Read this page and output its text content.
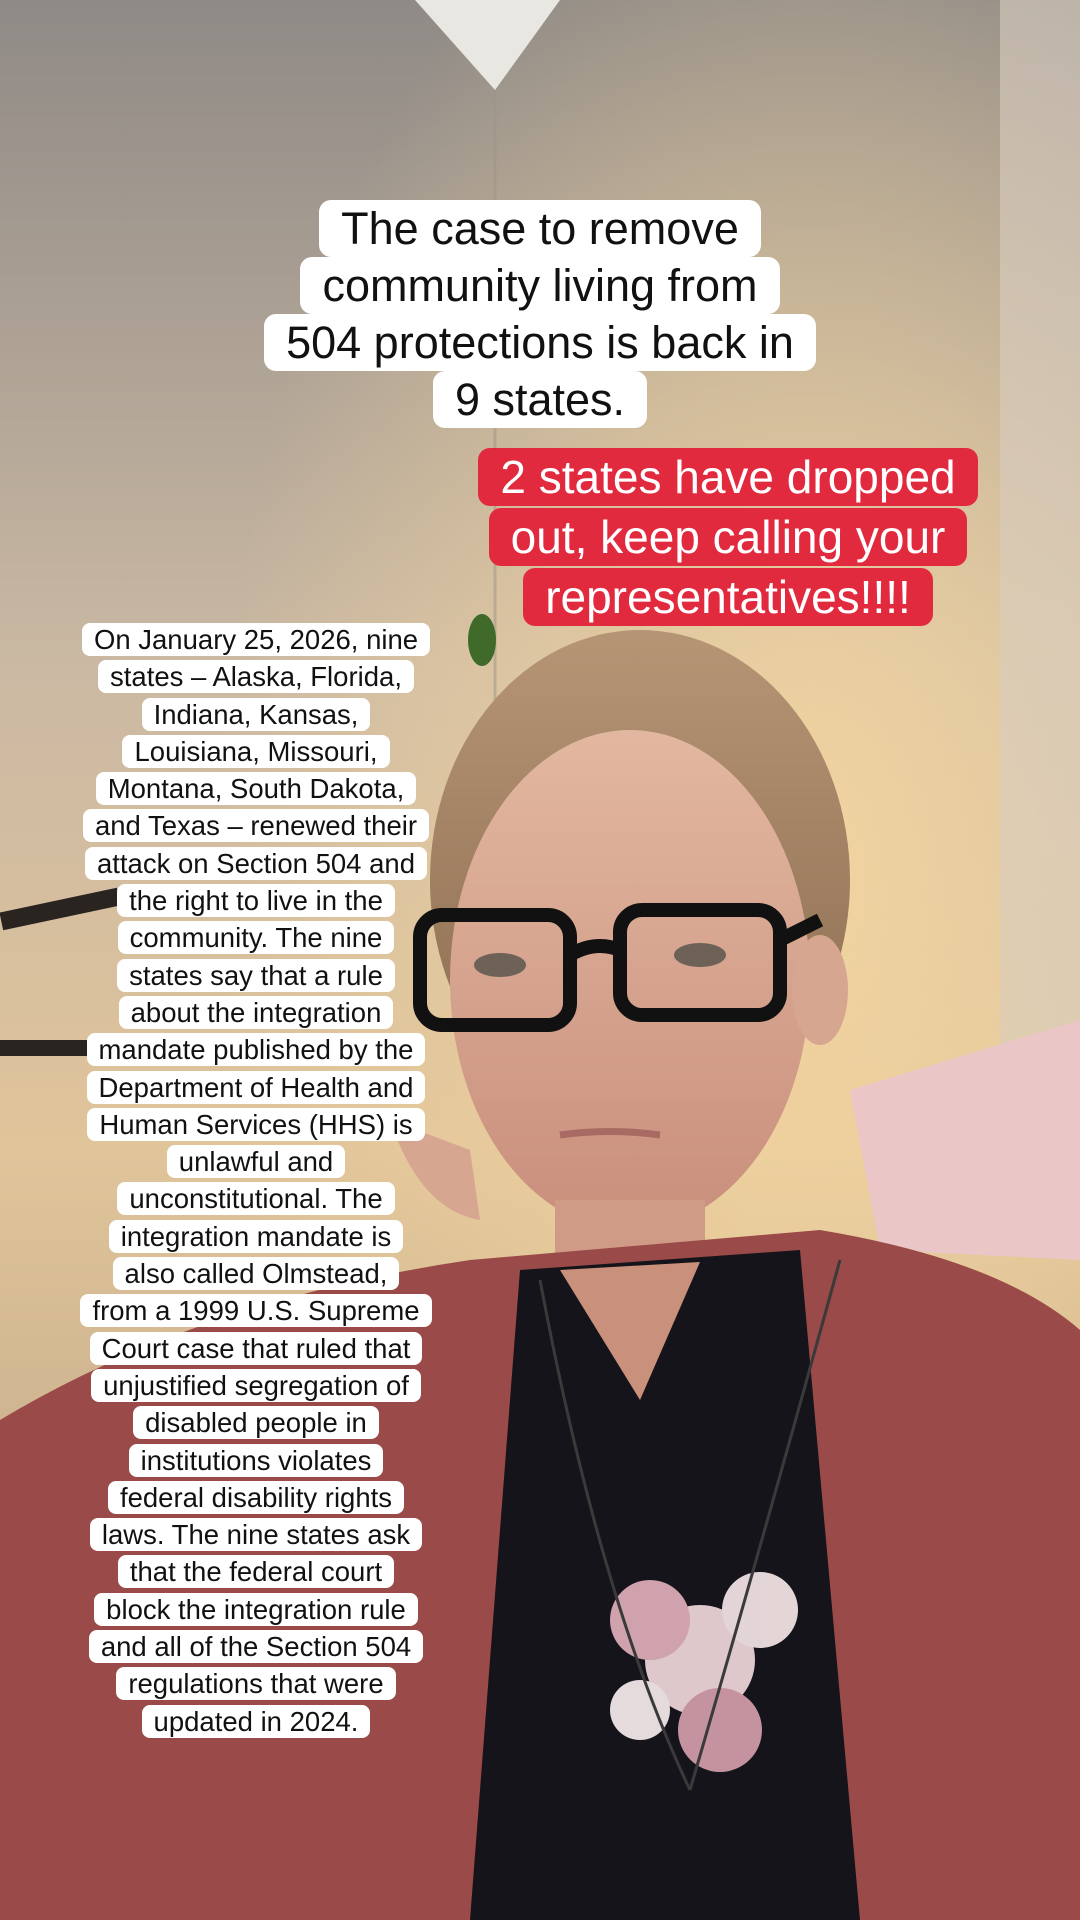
The case to remove
community living from
504 protections is back in
9 states.
2 states have dropped
out, keep calling your
representatives!!!!
On January 25, 2026, nine
states – Alaska, Florida,
Indiana, Kansas,
Louisiana, Missouri,
Montana, South Dakota,
and Texas – renewed their
attack on Section 504 and
the right to live in the
community. The nine
states say that a rule
about the integration
mandate published by the
Department of Health and
Human Services (HHS) is
unlawful and
unconstitutional. The
integration mandate is
also called Olmstead,
from a 1999 U.S. Supreme
Court case that ruled that
unjustified segregation of
disabled people in
institutions violates
federal disability rights
laws. The nine states ask
that the federal court
block the integration rule
and all of the Section 504
regulations that were
updated in 2024.
